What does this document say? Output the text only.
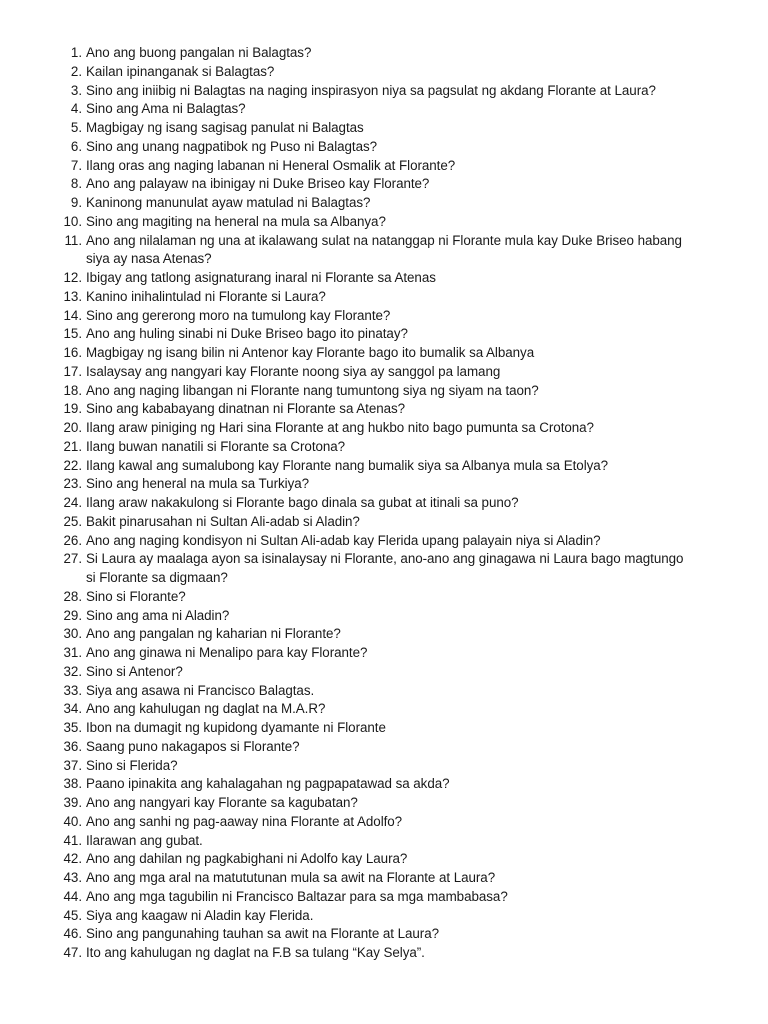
1. Ano ang buong pangalan ni Balagtas?
2. Kailan ipinanganak si Balagtas?
3. Sino ang iniibig ni Balagtas na naging inspirasyon niya sa pagsulat ng akdang Florante at Laura?
4. Sino ang Ama ni Balagtas?
5. Magbigay ng isang sagisag panulat ni Balagtas
6. Sino ang unang nagpatibok ng Puso ni Balagtas?
7. Ilang oras ang naging labanan ni Heneral Osmalik at Florante?
8. Ano ang palayaw na ibinigay ni Duke Briseo kay Florante?
9. Kaninong manunulat ayaw matulad ni Balagtas?
10. Sino ang magiting na heneral na mula sa Albanya?
11. Ano ang nilalaman ng una at ikalawang sulat na natanggap ni Florante mula kay Duke Briseo habang
siya ay nasa Atenas?
12. Ibigay ang tatlong asignaturang inaral ni Florante sa Atenas
13. Kanino inihalintulad ni Florante si Laura?
14. Sino ang gererong moro na tumulong kay Florante?
15. Ano ang huling sinabi ni Duke Briseo bago ito pinatay?
16. Magbigay ng isang bilin ni Antenor kay Florante bago ito bumalik sa Albanya
17. Isalaysay ang nangyari kay Florante noong siya ay sanggol pa lamang
18. Ano ang naging libangan ni Florante nang tumuntong siya ng siyam na taon?
19. Sino ang kababayang dinatnan ni Florante sa Atenas?
20. Ilang araw piniging ng Hari sina Florante at ang hukbo nito bago pumunta sa Crotona?
21. Ilang buwan nanatili si Florante sa Crotona?
22. Ilang kawal ang sumalubong kay Florante nang bumalik siya sa Albanya mula sa Etolya?
23. Sino ang heneral na mula sa Turkiya?
24. Ilang araw nakakulong si Florante bago dinala sa gubat at itinali sa puno?
25. Bakit pinarusahan ni Sultan Ali-adab si Aladin?
26. Ano ang naging kondisyon ni Sultan Ali-adab kay Flerida upang palayain niya si Aladin?
27. Si Laura ay maalaga ayon sa isinalaysay ni Florante, ano-ano ang ginagawa ni Laura bago magtungo
si Florante sa digmaan?
28. Sino si Florante?
29. Sino ang ama ni Aladin?
30. Ano ang pangalan ng kaharian ni Florante?
31. Ano ang ginawa ni Menalipo para kay Florante?
32. Sino si Antenor?
33. Siya ang asawa ni Francisco Balagtas.
34. Ano ang kahulugan ng daglat na M.A.R?
35. Ibon na dumagit ng kupidong dyamante ni Florante
36. Saang puno nakagapos si Florante?
37. Sino si Flerida?
38. Paano ipinakita ang kahalagahan ng pagpapatawad sa akda?
39. Ano ang nangyari kay Florante sa kagubatan?
40. Ano ang sanhi ng pag-aaway nina Florante at Adolfo?
41. Ilarawan ang gubat.
42. Ano ang dahilan ng pagkabighani ni Adolfo kay Laura?
43. Ano ang mga aral na matututunan mula sa awit na Florante at Laura?
44. Ano ang mga tagubilin ni Francisco Baltazar para sa mga mambabasa?
45. Siya ang kaagaw ni Aladin kay Flerida.
46. Sino ang pangunahing tauhan sa awit na Florante at Laura?
47. Ito ang kahulugan ng daglat na F.B sa tulang “Kay Selya”.
